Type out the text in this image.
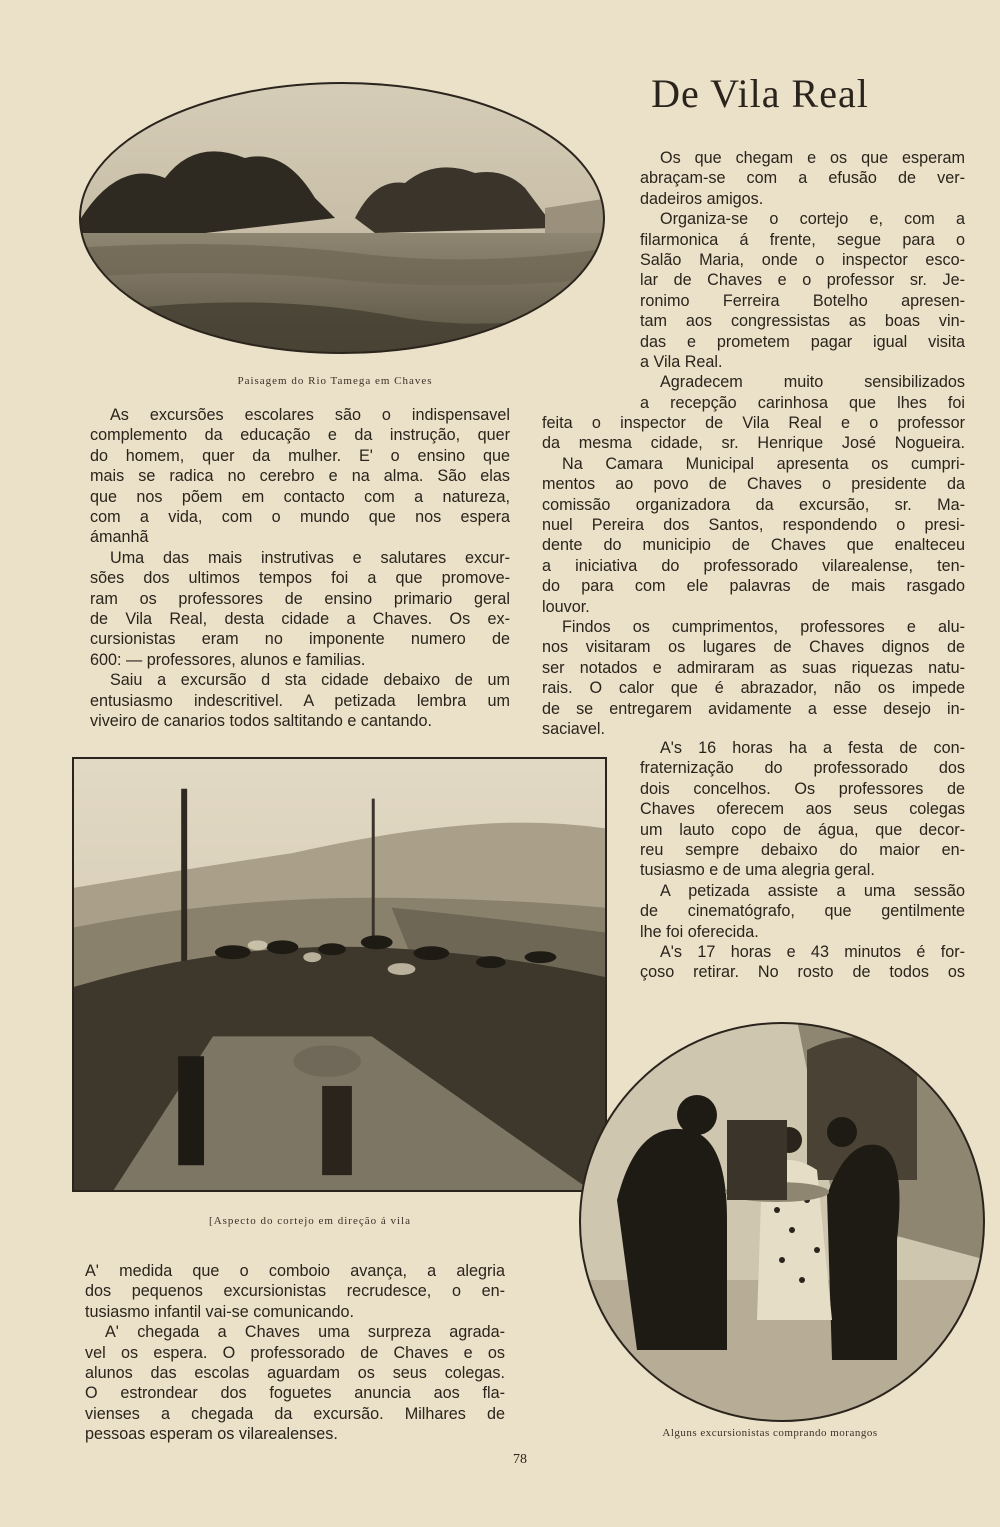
Paisagem do Rio Tamega em Chaves
De Vila Real
Os que chegam e os que esperam
abraçam-se com a efusão de ver-
dadeiros amigos.
Organiza-se o cortejo e, com a
filarmonica á frente, segue para o
Salão Maria, onde o inspector esco-
lar de Chaves e o professor sr. Je-
ronimo Ferreira Botelho apresen-
tam aos congressistas as boas vin-
das e prometem pagar igual visita
a Vila Real.
Agradecem muito sensibilizados
a recepção carinhosa que lhes foi
feita o inspector de Vila Real e o professor
da mesma cidade, sr. Henrique José Nogueira.
Na Camara Municipal apresenta os cumpri-
mentos ao povo de Chaves o presidente da
comissão organizadora da excursão, sr. Ma-
nuel Pereira dos Santos, respondendo o presi-
dente do municipio de Chaves que enalteceu
a iniciativa do professorado vilarealense, ten-
do para com ele palavras de mais rasgado
louvor.
Findos os cumprimentos, professores e alu-
nos visitaram os lugares de Chaves dignos de
ser notados e admiraram as suas riquezas natu-
rais. O calor que é abrazador, não os impede
de se entregarem avidamente a esse desejo in-
saciavel.
A's 16 horas ha a festa de con-
fraternização do professorado dos
dois concelhos. Os professores de
Chaves oferecem aos seus colegas
um lauto copo de água, que decor-
reu sempre debaixo do maior en-
tusiasmo e de uma alegria geral.
A petizada assiste a uma sessão
de cinematógrafo, que gentilmente
lhe foi oferecida.
A's 17 horas e 43 minutos é for-
çoso retirar. No rosto de todos os
As excursões escolares são o indispensavel
complemento da educação e da instrução, quer
do homem, quer da mulher. E' o ensino que
mais se radica no cerebro e na alma. São elas
que nos põem em contacto com a natureza,
com a vida, com o mundo que nos espera
ámanhã
Uma das mais instrutivas e salutares excur-
sões dos ultimos tempos foi a que promove-
ram os professores de ensino primario geral
de Vila Real, desta cidade a Chaves. Os ex-
cursionistas eram no imponente numero de
600: — professores, alunos e familias.
Saiu a excursão d sta cidade debaixo de um
entusiasmo indescritivel. A petizada lembra um
viveiro de canarios todos saltitando e cantando.
[Aspecto do cortejo em direção á vila
A' medida que o comboio avança, a alegria
dos pequenos excursionistas recrudesce, o en-
tusiasmo infantil vai-se comunicando.
A' chegada a Chaves uma surpreza agrada-
vel os espera. O professorado de Chaves e os
alunos das escolas aguardam os seus colegas.
O estrondear dos foguetes anuncia aos fla-
vienses a chegada da excursão. Milhares de
pessoas esperam os vilarealenses.	Alguns excursionistas comprando morangos
78
